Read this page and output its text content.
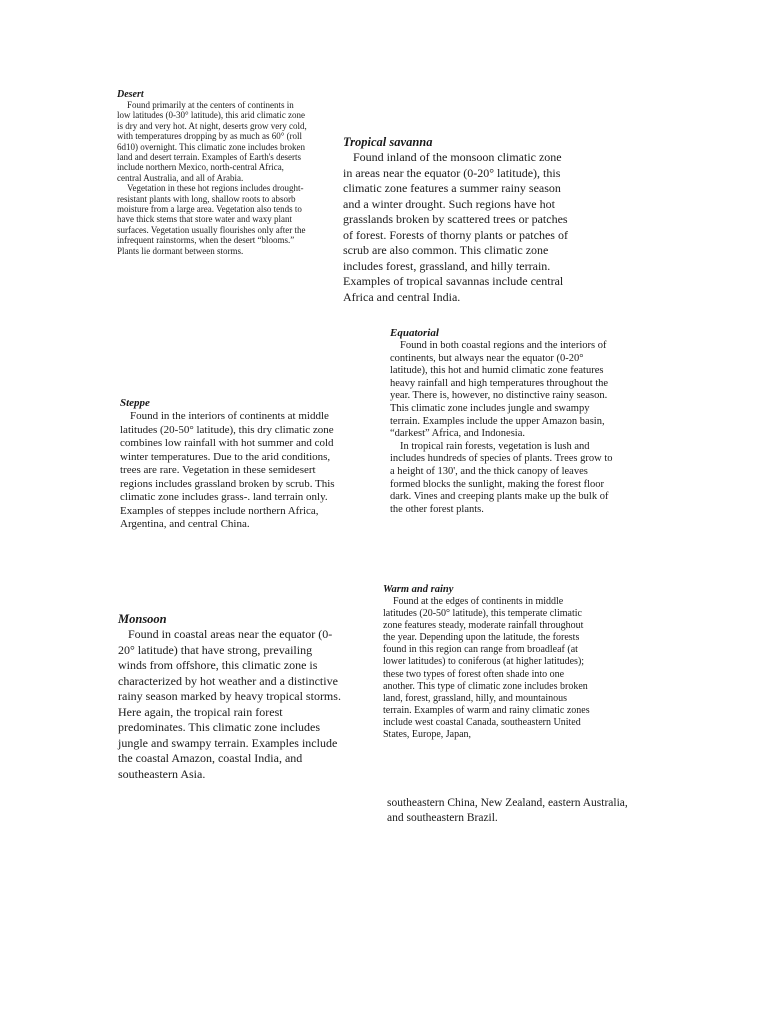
Desert

Found primarily at the centers of continents in low latitudes (0-30° latitude), this arid climatic zone is dry and very hot. At night, deserts grow very cold, with temperatures dropping by as much as 60° (roll 6d10) overnight. This climatic zone includes broken land and desert terrain. Examples of Earth's deserts include northern Mexico, north-central Africa, central Australia, and all of Arabia.

Vegetation in these hot regions includes drought-resistant plants with long, shallow roots to absorb moisture from a large area. Vegetation also tends to have thick stems that store water and waxy plant surfaces. Vegetation usually flourishes only after the infrequent rainstorms, when the desert “blooms.” Plants lie dormant between storms.

Tropical savanna

Found inland of the monsoon climatic zone in areas near the equator (0-20° latitude), this climatic zone features a summer rainy season and a winter drought. Such regions have hot grasslands broken by scattered trees or patches of forest. Forests of thorny plants or patches of scrub are also common. This climatic zone includes forest, grassland, and hilly terrain. Examples of tropical savannas include central Africa and central India.

Equatorial

Found in both coastal regions and the interiors of continents, but always near the equator (0-20° latitude), this hot and humid climatic zone features heavy rainfall and high temperatures throughout the year. There is, however, no distinctive rainy season. This climatic zone includes jungle and swampy terrain. Examples include the upper Amazon basin, “darkest” Africa, and Indonesia.

In tropical rain forests, vegetation is lush and includes hundreds of species of plants. Trees grow to a height of 130', and the thick canopy of leaves formed blocks the sunlight, making the forest floor dark. Vines and creeping plants make up the bulk of the other forest plants.

Steppe

Found in the interiors of continents at middle latitudes (20-50° latitude), this dry climatic zone combines low rainfall with hot summer and cold winter temperatures. Due to the arid conditions, trees are rare. Vegetation in these semidesert regions includes grassland broken by scrub. This climatic zone includes grass-. land terrain only. Examples of steppes include northern Africa, Argentina, and central China.

Warm and rainy

Found at the edges of continents in middle latitudes (20-50° latitude), this temperate climatic zone features steady, moderate rainfall throughout the year. Depending upon the latitude, the forests found in this region can range from broadleaf (at lower latitudes) to coniferous (at higher latitudes); these two types of forest often shade into one another. This type of climatic zone includes broken land, forest, grassland, hilly, and mountainous terrain. Examples of warm and rainy climatic zones include west coastal Canada, southeastern United States, Europe, Japan,

Monsoon

Found in coastal areas near the equator (0-20° latitude) that have strong, prevailing winds from offshore, this climatic zone is characterized by hot weather and a distinctive rainy season marked by heavy tropical storms. Here again, the tropical rain forest predominates. This climatic zone includes jungle and swampy terrain. Examples include the coastal Amazon, coastal India, and southeastern Asia.

southeastern China, New Zealand, eastern Australia, and southeastern Brazil.
